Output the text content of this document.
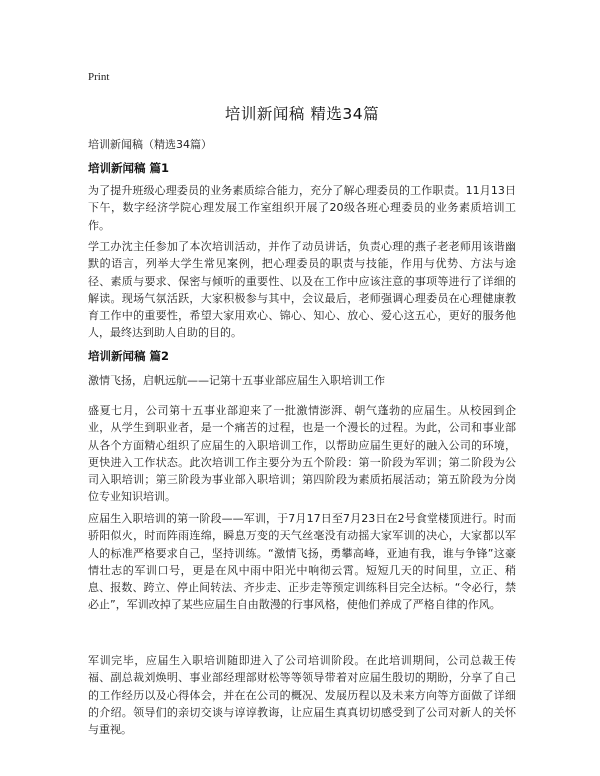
Print
培训新闻稿 精选34篇
培训新闻稿（精选34篇）
培训新闻稿 篇1
为了提升班级心理委员的业务素质综合能力，充分了解心理委员的工作职责。11月13日下午，数字经济学院心理发展工作室组织开展了20级各班心理委员的业务素质培训工作。
学工办沈主任参加了本次培训活动，并作了动员讲话，负责心理的燕子老老师用该谐幽默的语言，列举大学生常见案例，把心理委员的职责与技能，作用与优势、方法与途径、素质与要求、保密与倾听的重要性、以及在工作中应该注意的事项等进行了详细的解读。现场气氛活跃，大家积极参与其中，会议最后，老师强调心理委员在心理健康教育工作中的重要性，希望大家用欢心、锦心、知心、放心、爱心这五心，更好的服务他人，最终达到助人自助的目的。
培训新闻稿 篇2
激情飞扬，启帆远航——记第十五事业部应届生入职培训工作
盛夏七月，公司第十五事业部迎来了一批激情澎湃、朝气蓬勃的应届生。从校园到企业，从学生到职业者，是一个痛苦的过程，也是一个漫长的过程。为此，公司和事业部从各个方面精心组织了应届生的入职培训工作，以帮助应届生更好的融入公司的环境，更快进入工作状态。此次培训工作主要分为五个阶段：第一阶段为军训；第二阶段为公司入职培训；第三阶段为事业部入职培训；第四阶段为素质拓展活动；第五阶段为分岗位专业知识培训。
应届生入职培训的第一阶段——军训，于7月17日至7月23日在2号食堂楼顶进行。时而骄阳似火，时而阵雨连绵，瞬息万变的天气丝毫没有动摇大家军训的决心，大家都以军人的标准严格要求自己，坚持训练。“激情飞扬，勇攀高峰，亚迪有我，谁与争锋”这豪情壮志的军训口号，更是在风中雨中阳光中响彻云霄。短短几天的时间里，立正、稍息、报数、跨立、停止间转法、齐步走、正步走等预定训练科目完全达标。“令必行，禁必止”，军训改掉了某些应届生自由散漫的行事风格，使他们养成了严格自律的作风。
军训完毕，应届生入职培训随即进入了公司培训阶段。在此培训期间，公司总裁王传福、副总裁刘焕明、事业部经理部财松等等领导带着对应届生殷切的期盼，分享了自己的工作经历以及心得体会，并在在公司的概况、发展历程以及未来方向等方面做了详细的介绍。领导们的亲切交谈与谆谆教诲，让应届生真真切切感受到了公司对新人的关怀与重视。
